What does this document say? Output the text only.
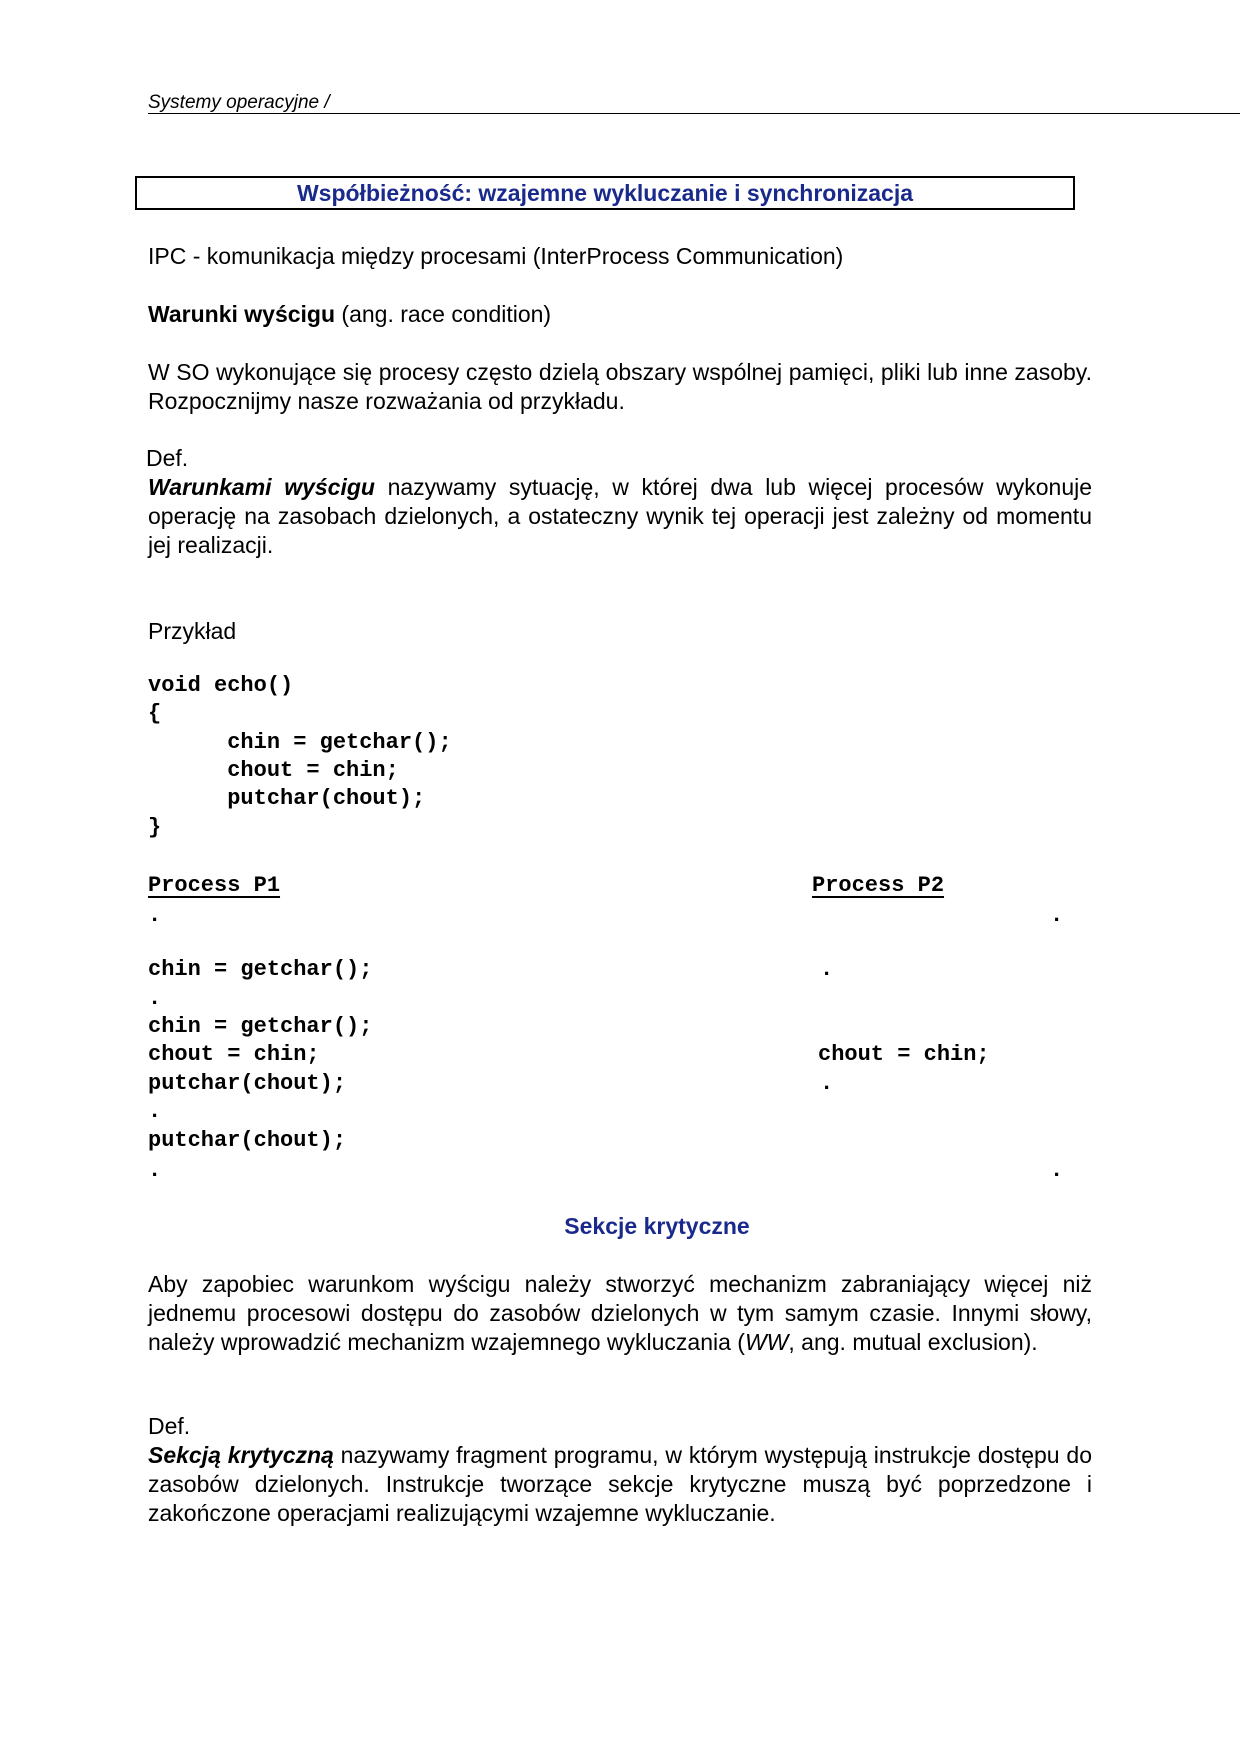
Systemy operacyjne /
Współbieżność: wzajemne wykluczanie i synchronizacja
IPC - komunikacja między procesami (InterProcess Communication)
Warunki wyścigu (ang. race condition)
W SO wykonujące się procesy często dzielą obszary wspólnej pamięci, pliki lub inne zasoby. Rozpocznijmy nasze rozważania od przykładu.
Def.
Warunkami wyścigu nazywamy sytuację, w której dwa lub więcej procesów wykonuje operację na zasobach dzielonych, a ostateczny wynik tej operacji jest zależny od momentu jej realizacji.
Przykład
void echo()
{
chin = getchar();
chout = chin;
putchar(chout);
}
Process P1	Process P2
.	.
chin = getchar();	.
.
chin = getchar();
chout = chin;	chout = chin;
putchar(chout);	.
.
putchar(chout);
.	.
Sekcje krytyczne
Aby zapobiec warunkom wyścigu należy stworzyć mechanizm zabraniający więcej niż jednemu procesowi dostępu do zasobów dzielonych w tym samym czasie. Innymi słowy, należy wprowadzić mechanizm wzajemnego wykluczania (WW, ang. mutual exclusion).
Def.
Sekcją krytyczną nazywamy fragment programu, w którym występują instrukcje dostępu do zasobów dzielonych. Instrukcje tworzące sekcje krytyczne muszą być poprzedzone i zakończone operacjami realizującymi wzajemne wykluczanie.
